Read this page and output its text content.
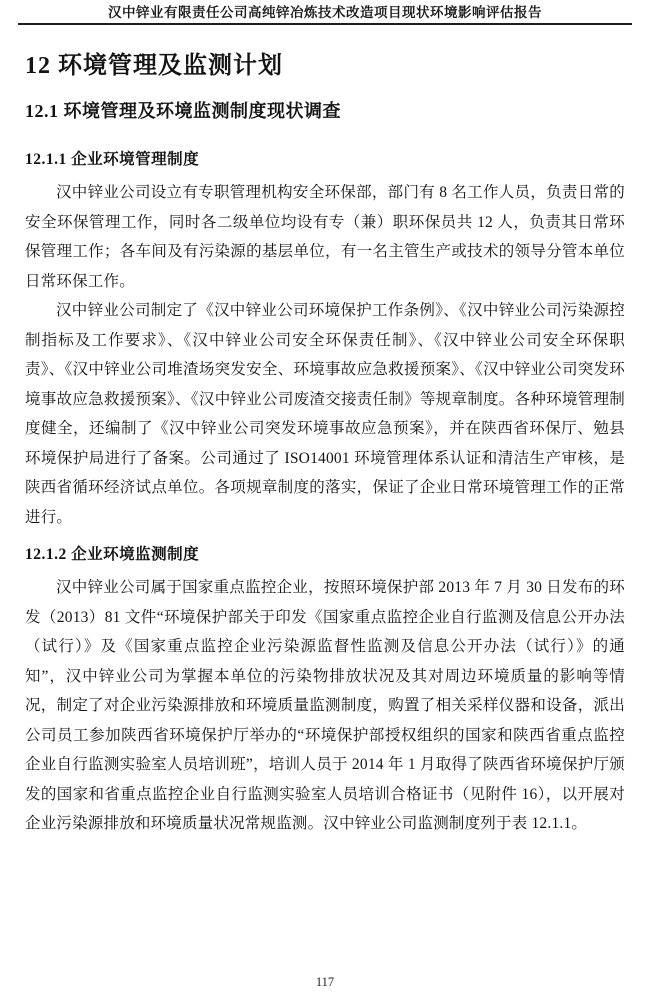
汉中锌业有限责任公司高纯锌冶炼技术改造项目现状环境影响评估报告
12 环境管理及监测计划
12.1 环境管理及环境监测制度现状调查
12.1.1 企业环境管理制度

汉中锌业公司设立有专职管理机构安全环保部，部门有 8 名工作人员，负责日常的安全环保管理工作，同时各二级单位均设有专（兼）职环保员共 12 人，负责其日常环保管理工作；各车间及有污染源的基层单位，有一名主管生产或技术的领导分管本单位日常环保工作。

汉中锌业公司制定了《汉中锌业公司环境保护工作条例》、《汉中锌业公司污染源控制指标及工作要求》、《汉中锌业公司安全环保责任制》、《汉中锌业公司安全环保职责》、《汉中锌业公司堆渣场突发安全、环境事故应急救援预案》、《汉中锌业公司突发环境事故应急救援预案》、《汉中锌业公司废渣交接责任制》等规章制度。各种环境管理制度健全，还编制了《汉中锌业公司突发环境事故应急预案》，并在陕西省环保厅、勉县环境保护局进行了备案。公司通过了 ISO14001 环境管理体系认证和清洁生产审核，是陕西省循环经济试点单位。各项规章制度的落实，保证了企业日常环境管理工作的正常进行。

12.1.2 企业环境监测制度

汉中锌业公司属于国家重点监控企业，按照环境保护部 2013 年 7 月 30 日发布的环发（2013）81 文件“环境保护部关于印发《国家重点监控企业自行监测及信息公开办法（试行）》及《国家重点监控企业污染源监督性监测及信息公开办法（试行）》的通知”，汉中锌业公司为掌握本单位的污染物排放状况及其对周边环境质量的影响等情况，制定了对企业污染源排放和环境质量监测制度，购置了相关采样仪器和设备，派出公司员工参加陕西省环境保护厅举办的“环境保护部授权组织的国家和陕西省重点监控企业自行监测实验室人员培训班”，培训人员于 2014 年 1 月取得了陕西省环境保护厅颁发的国家和省重点监控企业自行监测实验室人员培训合格证书（见附件 16），以开展对企业污染源排放和环境质量状况常规监测。汉中锌业公司监测制度列于表 12.1.1。

117
